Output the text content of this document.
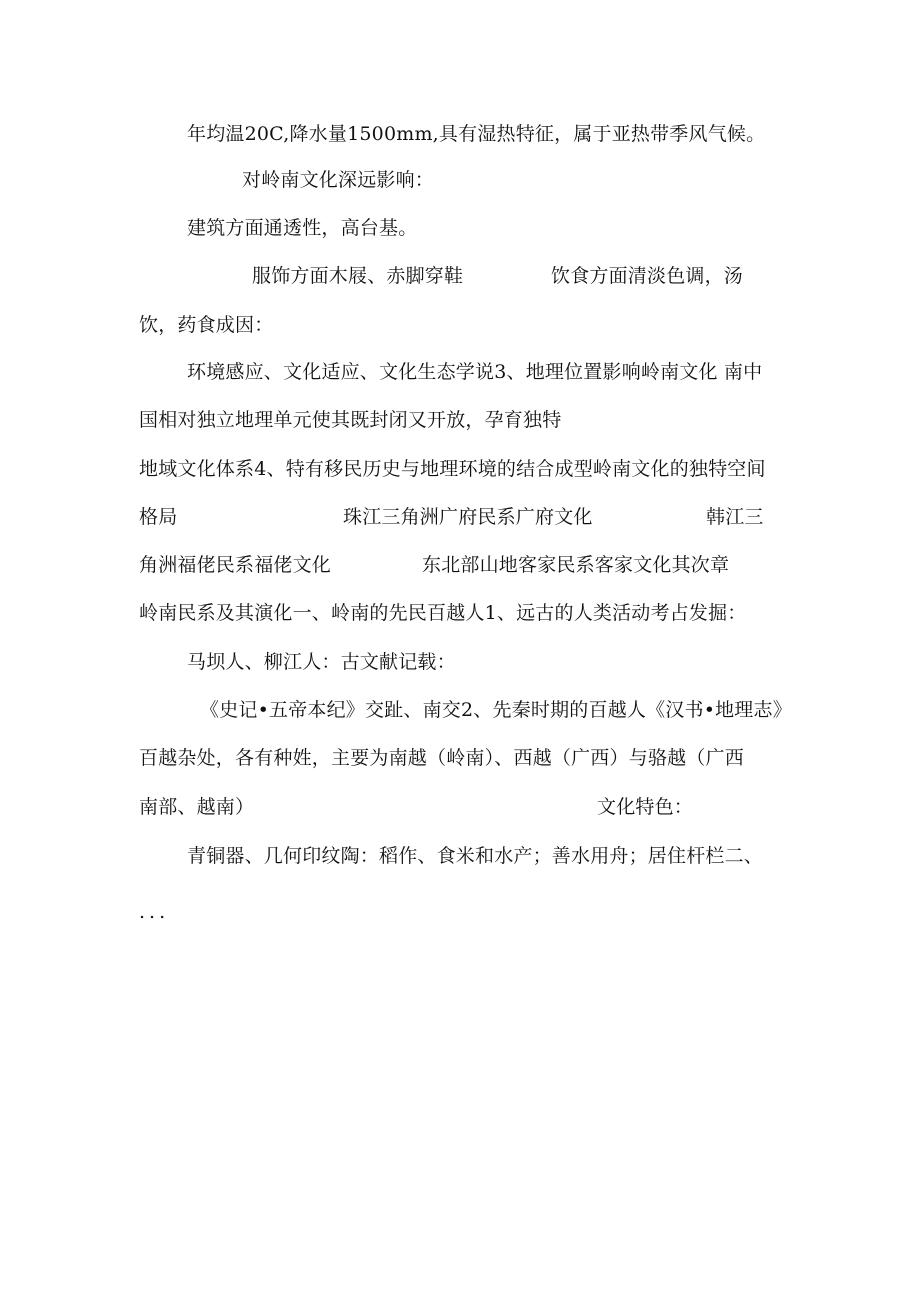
年均温20C,降水量1500mm,具有湿热特征，属于亚热带季风气候。
对岭南文化深远影响：
建筑方面通透性，高台基。
服饰方面木屐、赤脚穿鞋	饮食方面清淡色调，汤
饮，药食成因：
环境感应、文化适应、文化生态学说3、地理位置影响岭南文化 南中
国相对独立地理单元使其既封闭又开放，孕育独特
地域文化体系4、特有移民历史与地理环境的结合成型岭南文化的独特空间
格局	珠江三角洲广府民系广府文化	韩江三
角洲福佬民系福佬文化	东北部山地客家民系客家文化其次章
岭南民系及其演化一、岭南的先民百越人1、远古的人类活动考占发掘：
马坝人、柳江人：古文献记载：
《史记•五帝本纪》交趾、南交2、先秦时期的百越人《汉书•地理志》
百越杂处，各有种姓，主要为南越（岭南）、西越（广西）与骆越（广西
南部、越南）	文化特色：
青铜器、几何印纹陶：稻作、食米和水产；善水用舟；居住杆栏二、
...
